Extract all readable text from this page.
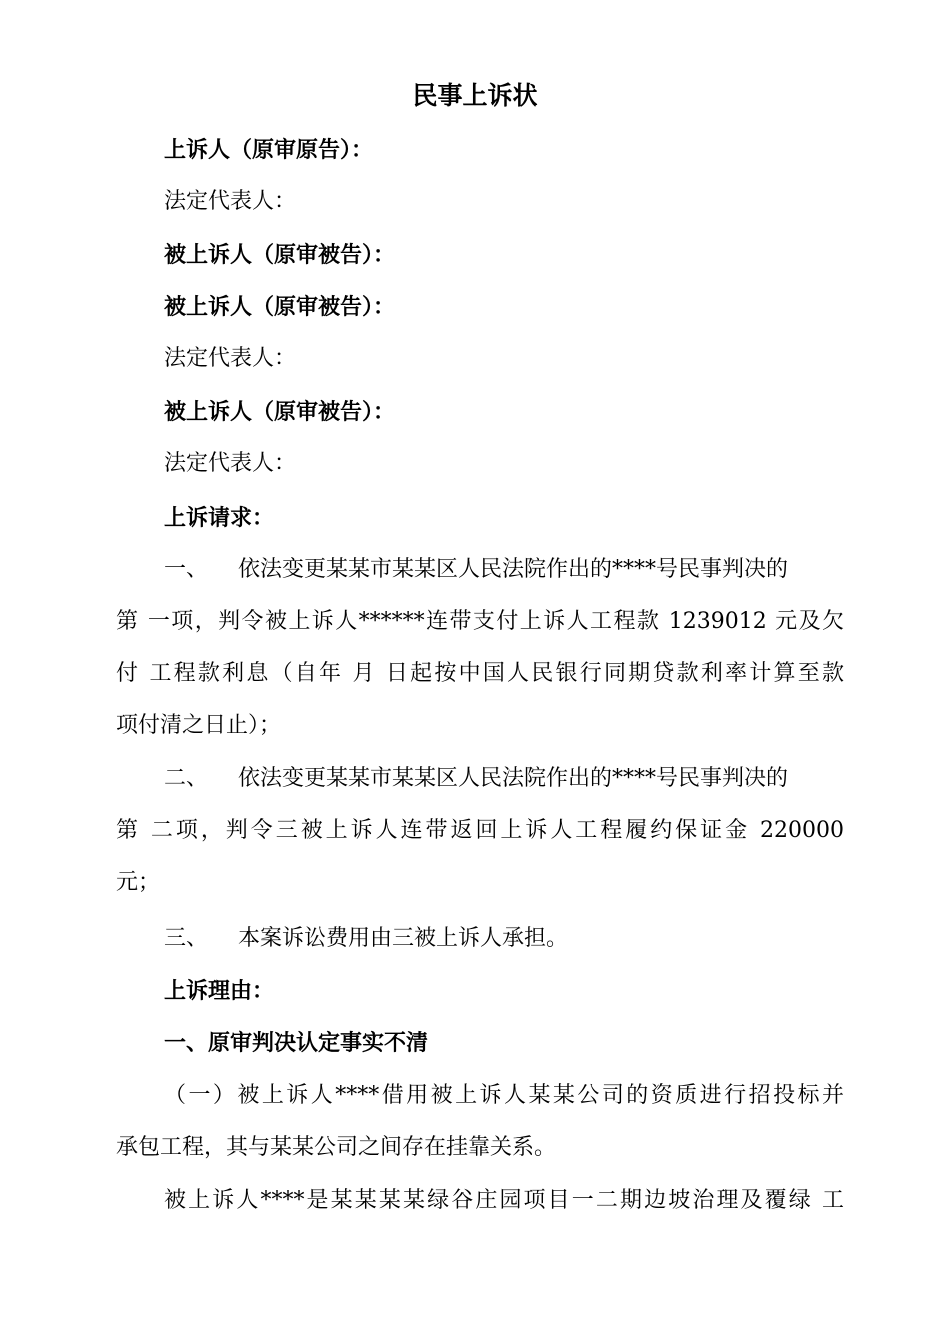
民事上诉状

上诉人（原审原告）：

法定代表人：

被上诉人（原审被告）：

被上诉人（原审被告）：

法定代表人：

被上诉人（原审被告）：

法定代表人：

上诉请求：

一、 依法变更某某市某某区人民法院作出的****号民事判决的

第 一项，判令被上诉人******连带支付上诉人工程款 1239012 元及欠

付 工程款利息（自年 月 日起按中国人民银行同期贷款利率计算至款

项付清之日止）；

二、 依法变更某某市某某区人民法院作出的****号民事判决的

第 二项，判令三被上诉人连带返回上诉人工程履约保证金 220000

元；

三、 本案诉讼费用由三被上诉人承担。

上诉理由：

一、原审判决认定事实不清

（一）被上诉人****借用被上诉人某某公司的资质进行招投标并

承包工程，其与某某公司之间存在挂靠关系。

被上诉人****是某某某某绿谷庄园项目一二期边坡治理及覆绿 工
